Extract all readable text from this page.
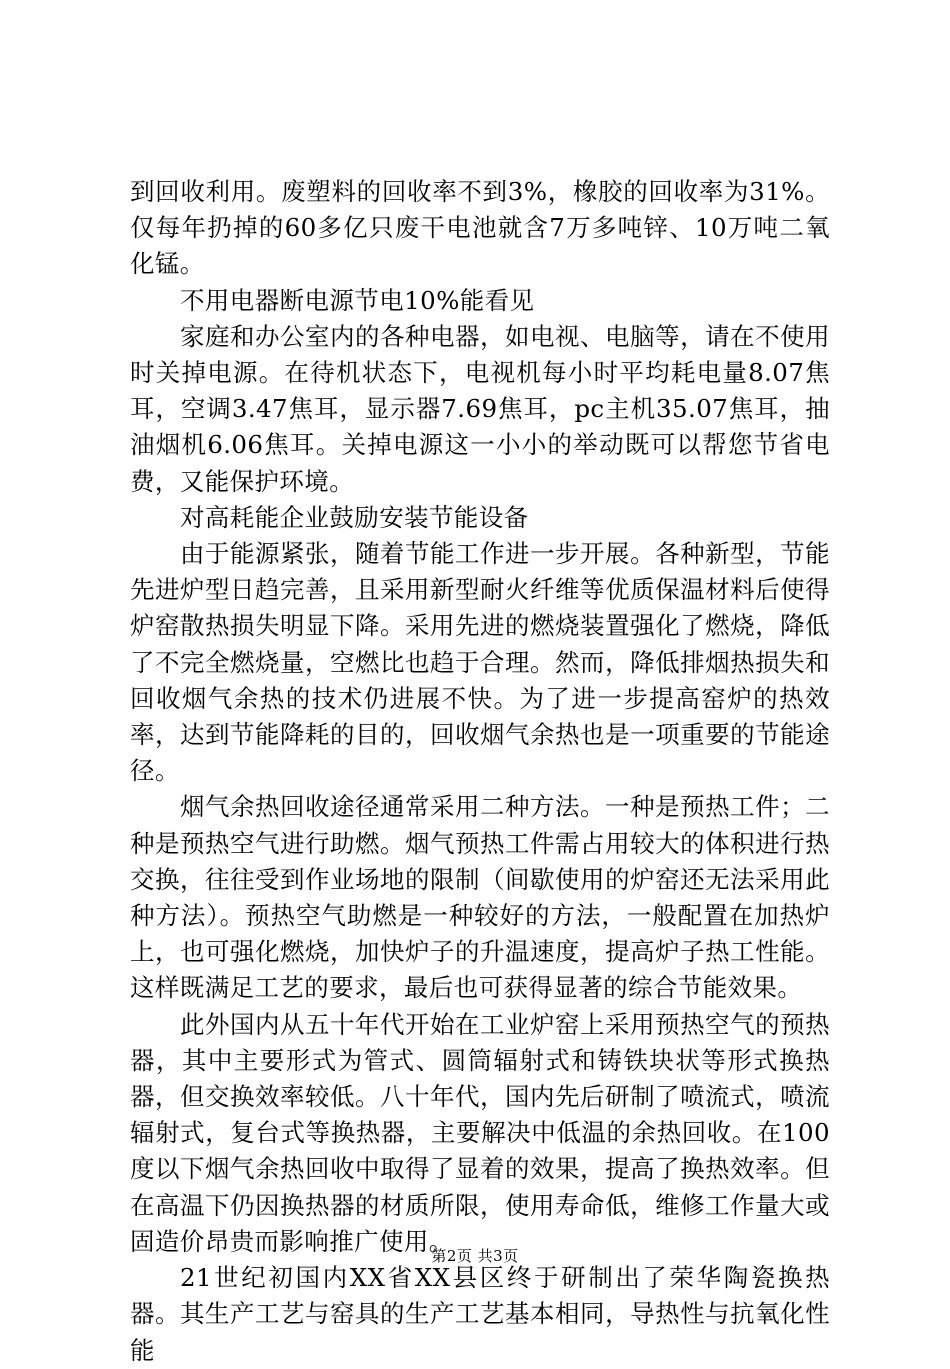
到回收利用。废塑料的回收率不到3%，橡胶的回收率为31%。仅每年扔掉的60多亿只废干电池就含7万多吨锌、10万吨二氧化锰。

不用电器断电源节电10%能看见

家庭和办公室内的各种电器，如电视、电脑等，请在不使用时关掉电源。在待机状态下，电视机每小时平均耗电量8.07焦耳，空调3.47焦耳，显示器7.69焦耳，pc主机35.07焦耳，抽油烟机6.06焦耳。关掉电源这一小小的举动既可以帮您节省电费，又能保护环境。

对高耗能企业鼓励安装节能设备

由于能源紧张，随着节能工作进一步开展。各种新型，节能先进炉型日趋完善，且采用新型耐火纤维等优质保温材料后使得炉窑散热损失明显下降。采用先进的燃烧装置强化了燃烧，降低了不完全燃烧量，空燃比也趋于合理。然而，降低排烟热损失和回收烟气余热的技术仍进展不快。为了进一步提高窑炉的热效率，达到节能降耗的目的，回收烟气余热也是一项重要的节能途径。

烟气余热回收途径通常采用二种方法。一种是预热工件；二种是预热空气进行助燃。烟气预热工件需占用较大的体积进行热交换，往往受到作业场地的限制（间歇使用的炉窑还无法采用此种方法）。预热空气助燃是一种较好的方法，一般配置在加热炉上，也可强化燃烧，加快炉子的升温速度，提高炉子热工性能。这样既满足工艺的要求，最后也可获得显著的综合节能效果。

此外国内从五十年代开始在工业炉窑上采用预热空气的预热器，其中主要形式为管式、圆筒辐射式和铸铁块状等形式换热器，但交换效率较低。八十年代，国内先后研制了喷流式，喷流辐射式，复台式等换热器，主要解决中低温的余热回收。在100度以下烟气余热回收中取得了显着的效果，提高了换热效率。但在高温下仍因换热器的材质所限，使用寿命低，维修工作量大或固造价昂贵而影响推广使用。

21世纪初国内XX省XX县区终于研制出了荣华陶瓷换热器。其生产工艺与窑具的生产工艺基本相同，导热性与抗氧化性能

第2页 共3页
